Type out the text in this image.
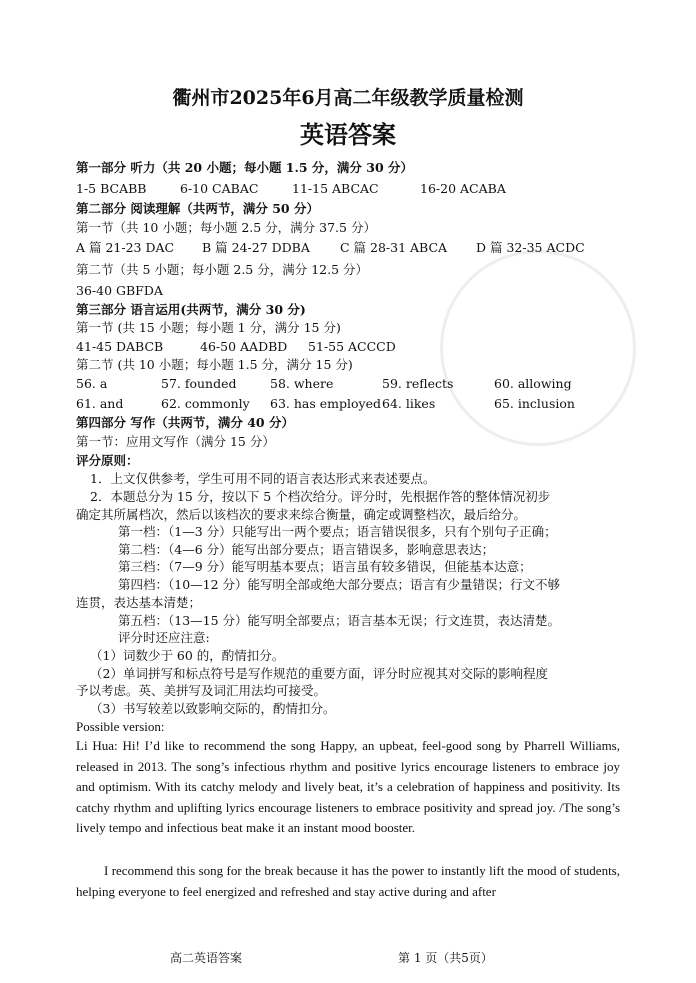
衢州市2025年6月高二年级教学质量检测
英语答案
第一部分 听力（共 20 小题；每小题 1.5 分，满分 30 分）
1-5 BCABB	6-10 CABAC	11-15 ABCAC	16-20 ACABA
第二部分 阅读理解（共两节，满分 50 分）
第一节（共 10 小题；每小题 2.5 分，满分 37.5 分）
A 篇 21-23 DAC B 篇 24-27 DDBA C 篇 28-31 ABCA D 篇 32-35 ACDC
第二节（共 5 小题；每小题 2.5 分，满分 12.5 分）
36-40 GBFDA
第三部分 语言运用(共两节，满分 30 分)
第一节 (共 15 小题；每小题 1 分，满分 15 分)
41-45 DABCB	46-50 AADBD 51-55 ACCCD
第二节 (共 10 小题；每小题 1.5 分，满分 15 分)
56. a	57. founded	58. where	59. reflects	60. allowing
61. and	62. commonly 63. has employed 64. likes	65. inclusion
第四部分 写作（共两节，满分 40 分）
第一节：应用文写作（满分 15 分）
评分原则：
1．上文仅供参考，学生可用不同的语言表达形式来表述要点。
2．本题总分为 15 分，按以下 5 个档次给分。评分时，先根据作答的整体情况初步
确定其所属档次，然后以该档次的要求来综合衡量，确定或调整档次，最后给分。
第一档：（1—3 分）只能写出一两个要点；语言错误很多，只有个别句子正确；
第二档：（4—6 分）能写出部分要点；语言错误多，影响意思表达；
第三档：（7—9 分）能写明基本要点；语言虽有较多错误，但能基本达意；
第四档：（10—12 分）能写明全部或绝大部分要点；语言有少量错误；行文不够
连贯，表达基本清楚；
第五档：（13—15 分）能写明全部要点；语言基本无误；行文连贯，表达清楚。
评分时还应注意:
（1）词数少于 60 的，酌情扣分。
（2）单词拼写和标点符号是写作规范的重要方面，评分时应视其对交际的影响程度
予以考虑。英、美拼写及词汇用法均可接受。
（3）书写较差以致影响交际的，酌情扣分。
Possible version:
Li Hua: Hi! I’d like to recommend the song Happy, an upbeat, feel-good song by Pharrell Williams, released in 2013. The song’s infectious rhythm and positive lyrics encourage listeners to embrace joy and optimism. With its catchy melody and lively beat, it’s a celebration of happiness and positivity. Its catchy rhythm and uplifting lyrics encourage listeners to embrace positivity and spread joy. /The song’s lively tempo and infectious beat make it an instant mood booster.
I recommend this song for the break because it has the power to instantly lift the mood of students, helping everyone to feel energized and refreshed and stay active during and after
高二英语答案	第 1 页（共5页）
